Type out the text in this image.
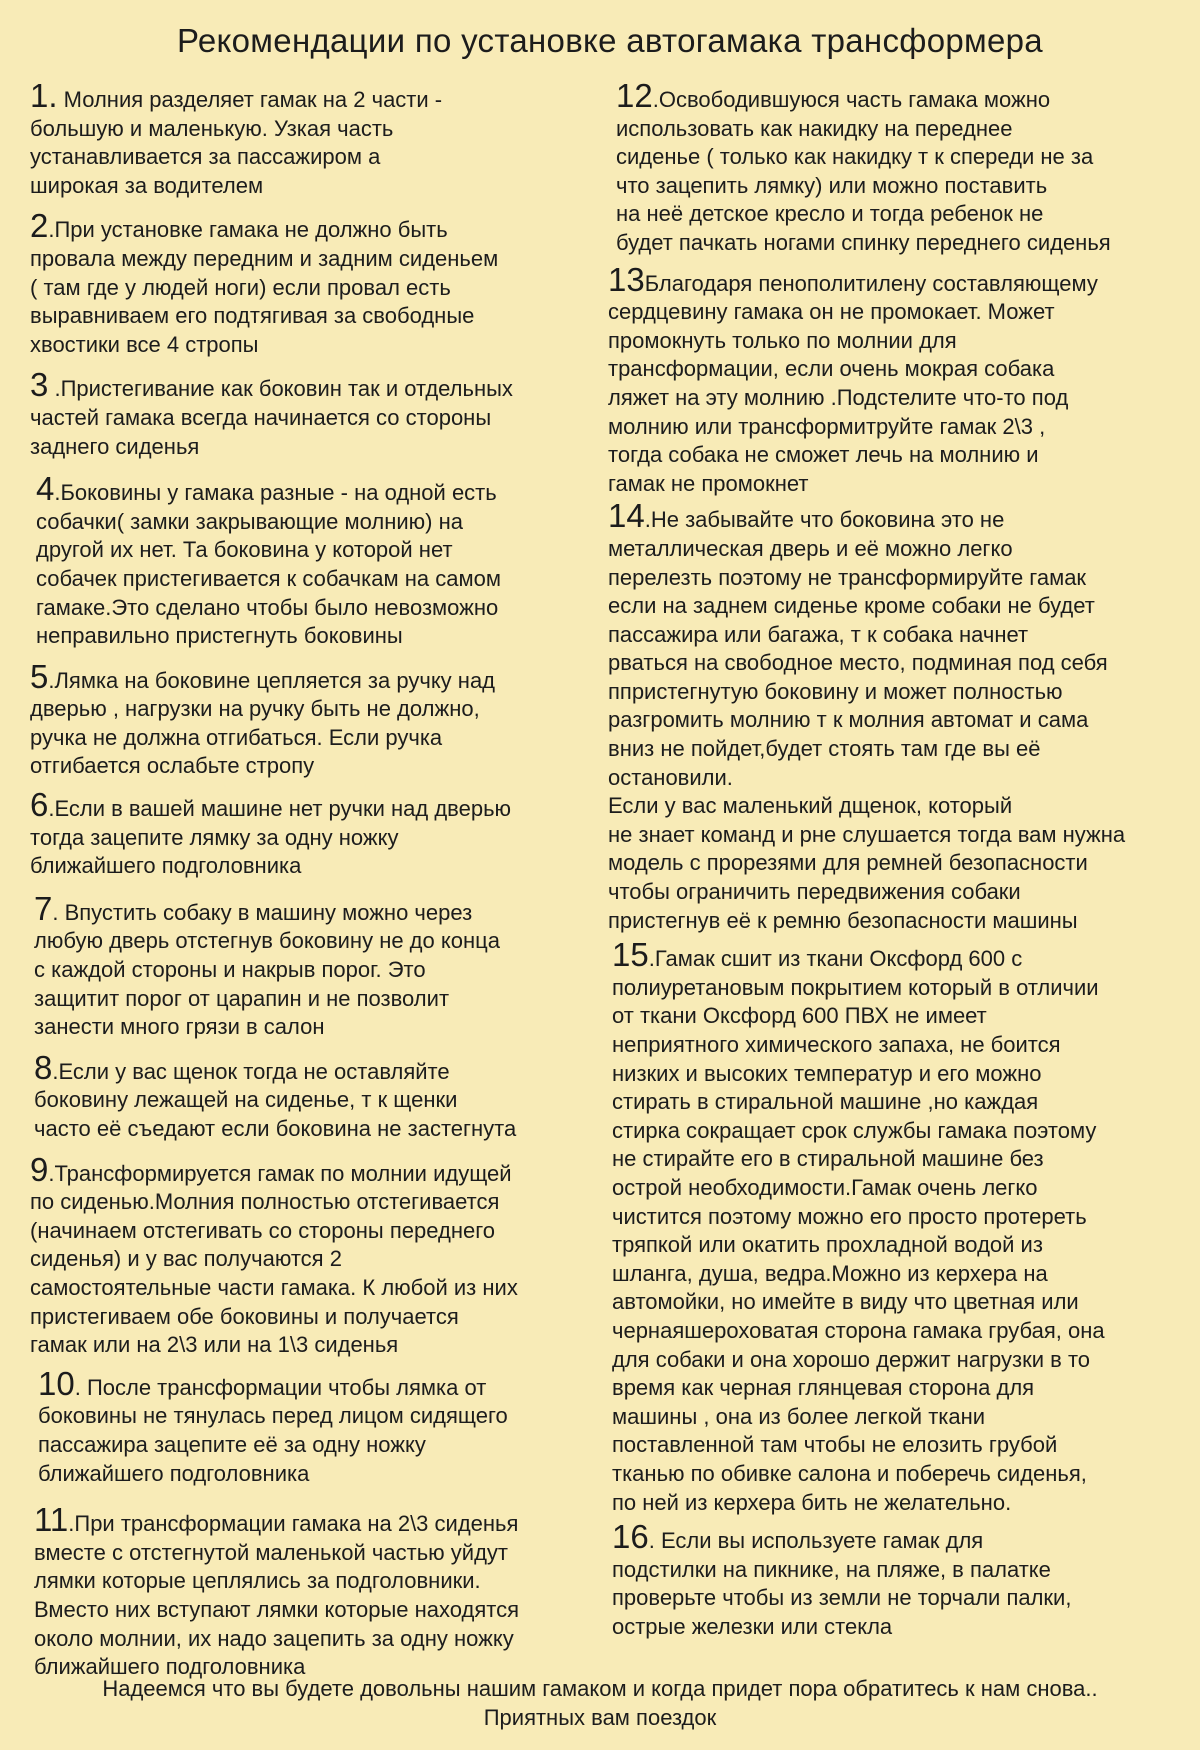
Рекомендации по установке автогамака трансформера
1. Молния разделяет гамак на 2 части -
большую и маленькую. Узкая часть
устанавливается за пассажиром а
широкая за водителем
2.При установке гамака не должно быть
провала между передним и задним сиденьем
( там где у людей ноги) если провал есть
выравниваем его подтягивая за свободные
хвостики все 4 стропы
3 .Пристегивание как боковин так и отдельных
частей гамака всегда начинается со стороны
заднего сиденья
4.Боковины у гамака разные - на одной есть
собачки( замки закрывающие молнию) на
другой их нет. Та боковина у которой нет
собачек пристегивается к собачкам на самом
гамаке.Это сделано чтобы было невозможно
неправильно пристегнуть боковины
5.Лямка на боковине цепляется за ручку над
дверью , нагрузки на ручку быть не должно,
ручка не должна отгибаться. Если ручка
отгибается ослабьте стропу
6.Если в вашей машине нет ручки над дверью
тогда зацепите лямку за одну ножку
ближайшего подголовника
7. Впустить собаку в машину можно через
любую дверь отстегнув боковину не до конца
с каждой стороны и накрыв порог. Это
защитит порог от царапин и не позволит
занести много грязи в салон
8.Если у вас щенок тогда не оставляйте
боковину лежащей на сиденье, т к щенки
часто её съедают если боковина не застегнута
9.Трансформируется гамак по молнии идущей
по сиденью.Молния полностью отстегивается
(начинаем отстегивать со стороны переднего
сиденья) и у вас получаются 2
самостоятельные части гамака. К любой из них
пристегиваем обе боковины и получается
гамак или на 2\3 или на 1\3 сиденья
10. После трансформации чтобы лямка от
боковины не тянулась перед лицом сидящего
пассажира зацепите её за одну ножку
ближайшего подголовника
11.При трансформации гамака на 2\3 сиденья
вместе с отстегнутой маленькой частью уйдут
лямки которые цеплялись за подголовники.
Вместо них вступают лямки которые находятся
около молнии, их надо зацепить за одну ножку
ближайшего подголовника
12.Освободившуюся часть гамака можно
использовать как накидку на переднее
сиденье ( только как накидку т к спереди не за
что зацепить лямку) или можно поставить
на неё детское кресло и тогда ребенок не
будет пачкать ногами спинку переднего сиденья
13Благодаря пенополитилену составляющему
сердцевину гамака он не промокает. Может
промокнуть только по молнии для
трансформации, если очень мокрая собака
ляжет на эту молнию .Подстелите что-то под
молнию или трансформитруйте гамак 2\3 ,
тогда собака не сможет лечь на молнию и
гамак не промокнет
14.Не забывайте что боковина это не
металлическая дверь и её можно легко
перелезть поэтому не трансформируйте гамак
если на заднем сиденье кроме собаки не будет
пассажира или багажа, т к собака начнет
рваться на свободное место, подминая под себя
ппристегнутую боковину и может полностью
разгромить молнию т к молния автомат и сама
вниз не пойдет,будет стоять там где вы её
остановили.
Если у вас маленький дщенок, который
не знает команд и рне слушается тогда вам нужна
модель с прорезями для ремней безопасности
чтобы ограничить передвижения собаки
пристегнув её к ремню безопасности машины
15.Гамак сшит из ткани Оксфорд 600 с
полиуретановым покрытием который в отличии
от ткани Оксфорд 600 ПВХ не имеет
неприятного химического запаха, не боится
низких и высоких температур и его можно
стирать в стиральной машине ,но каждая
стирка сокращает срок службы гамака поэтому
не стирайте его в стиральной машине без
острой необходимости.Гамак очень легко
чистится поэтому можно его просто протереть
тряпкой или окатить прохладной водой из
шланга, душа, ведра.Можно из керхера на
автомойки, но имейте в виду что цветная или
чернаяшероховатая сторона гамака грубая, она
для собаки и она хорошо держит нагрузки в то
время как черная глянцевая сторона для
машины , она из более легкой ткани
поставленной там чтобы не елозить грубой
тканью по обивке салона и поберечь сиденья,
по ней из керхера бить не желательно.
16. Если вы используете гамак для
подстилки на пикнике, на пляже, в палатке
проверьте чтобы из земли не торчали палки,
острые железки или стекла
Надеемся что вы будете довольны нашим гамаком и когда придет пора обратитесь к нам снова..
Приятных вам поездок
